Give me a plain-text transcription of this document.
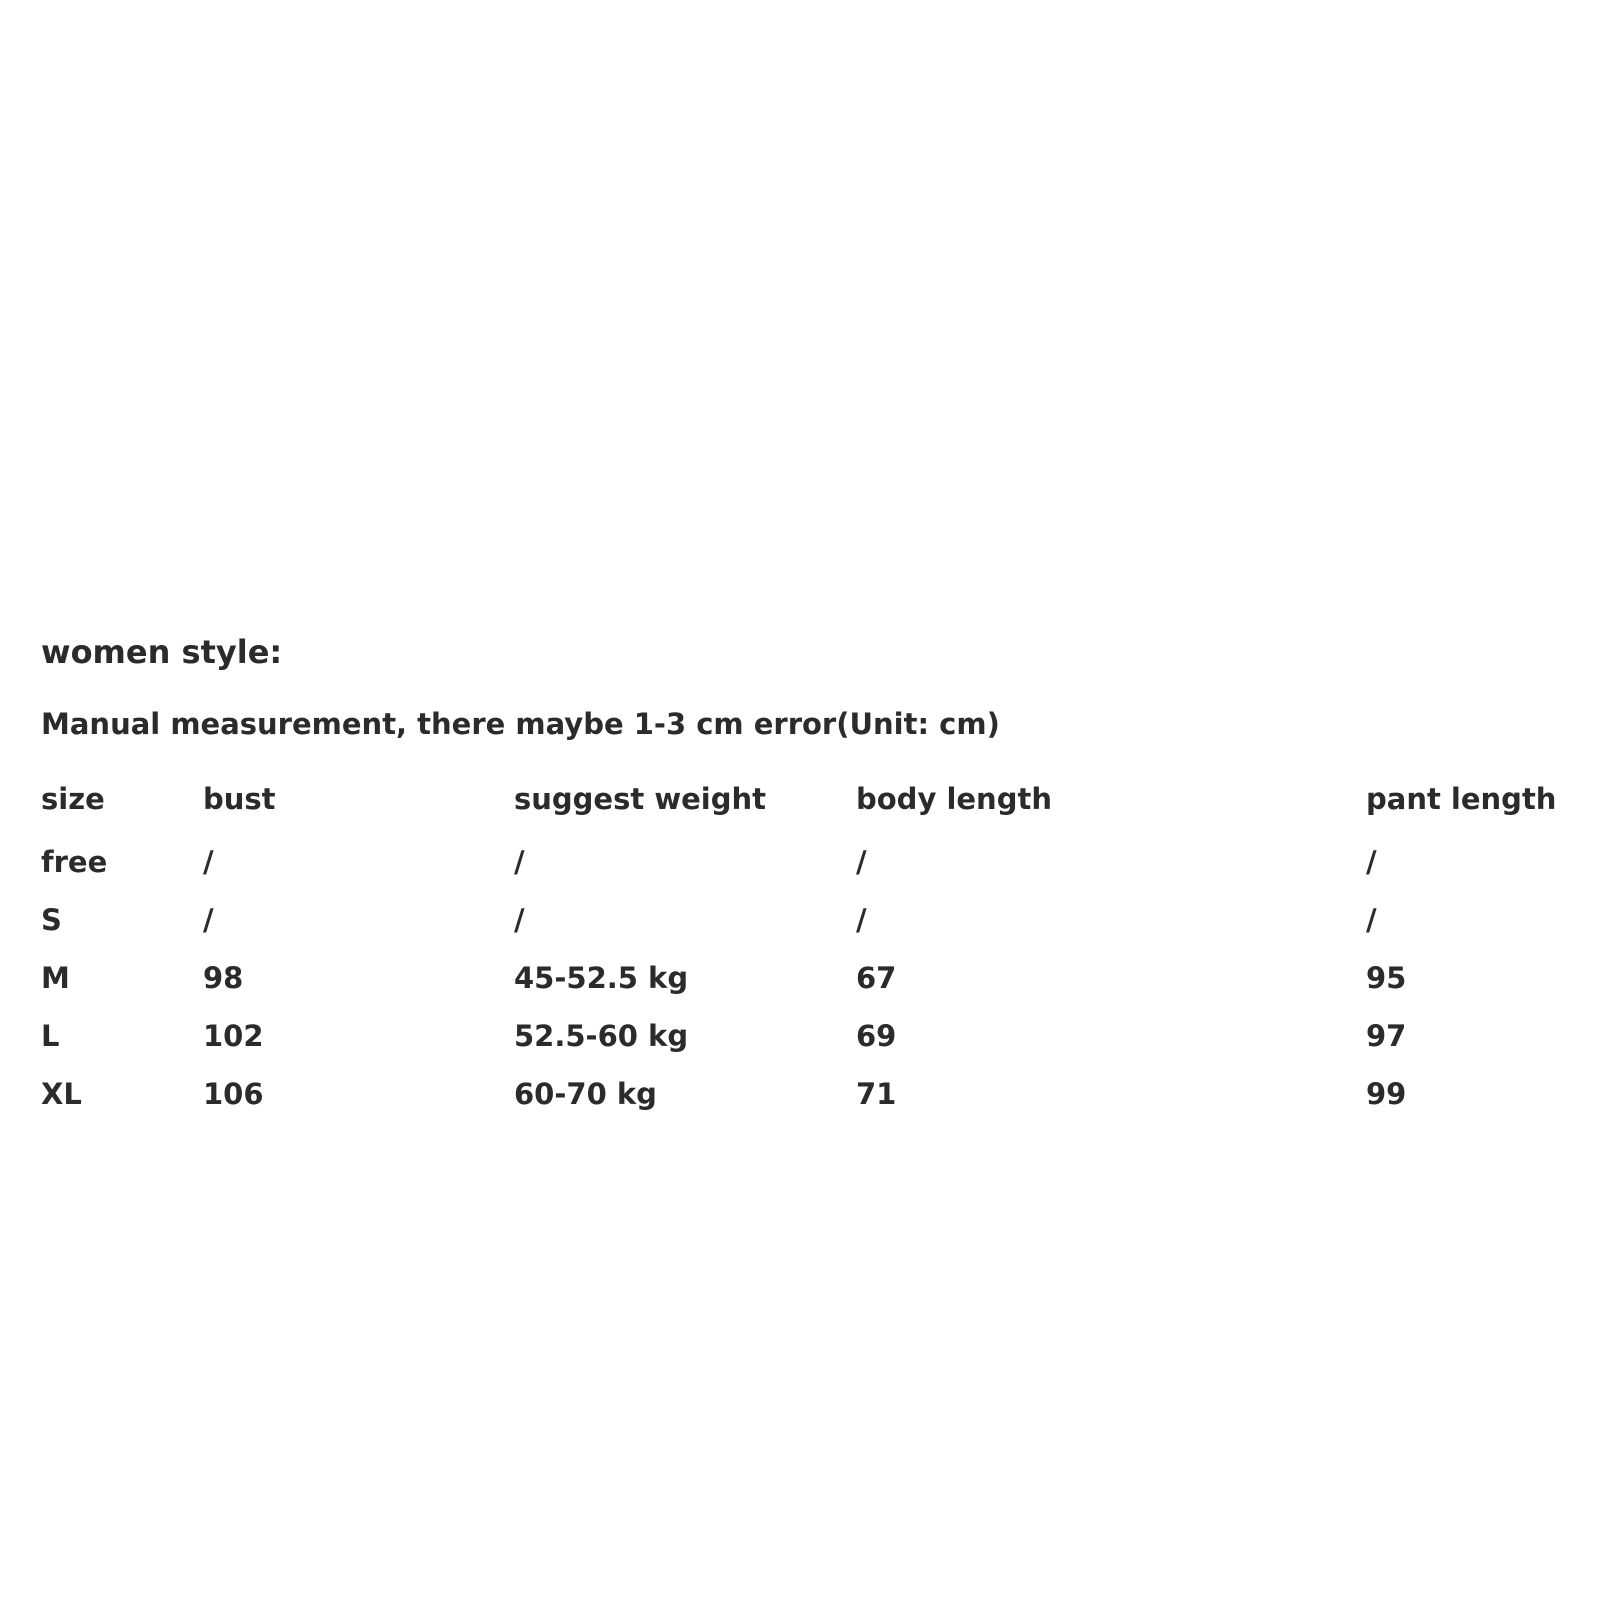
women style:

Manual measurement, there maybe 1-3 cm error(Unit: cm)

size	bust	suggest weight	body length	pant length
free	/	/	/	/
S	/	/	/	/
M	98	45-52.5 kg	67	95
L	102	52.5-60 kg	69	97
XL	106	60-70 kg	71	99
